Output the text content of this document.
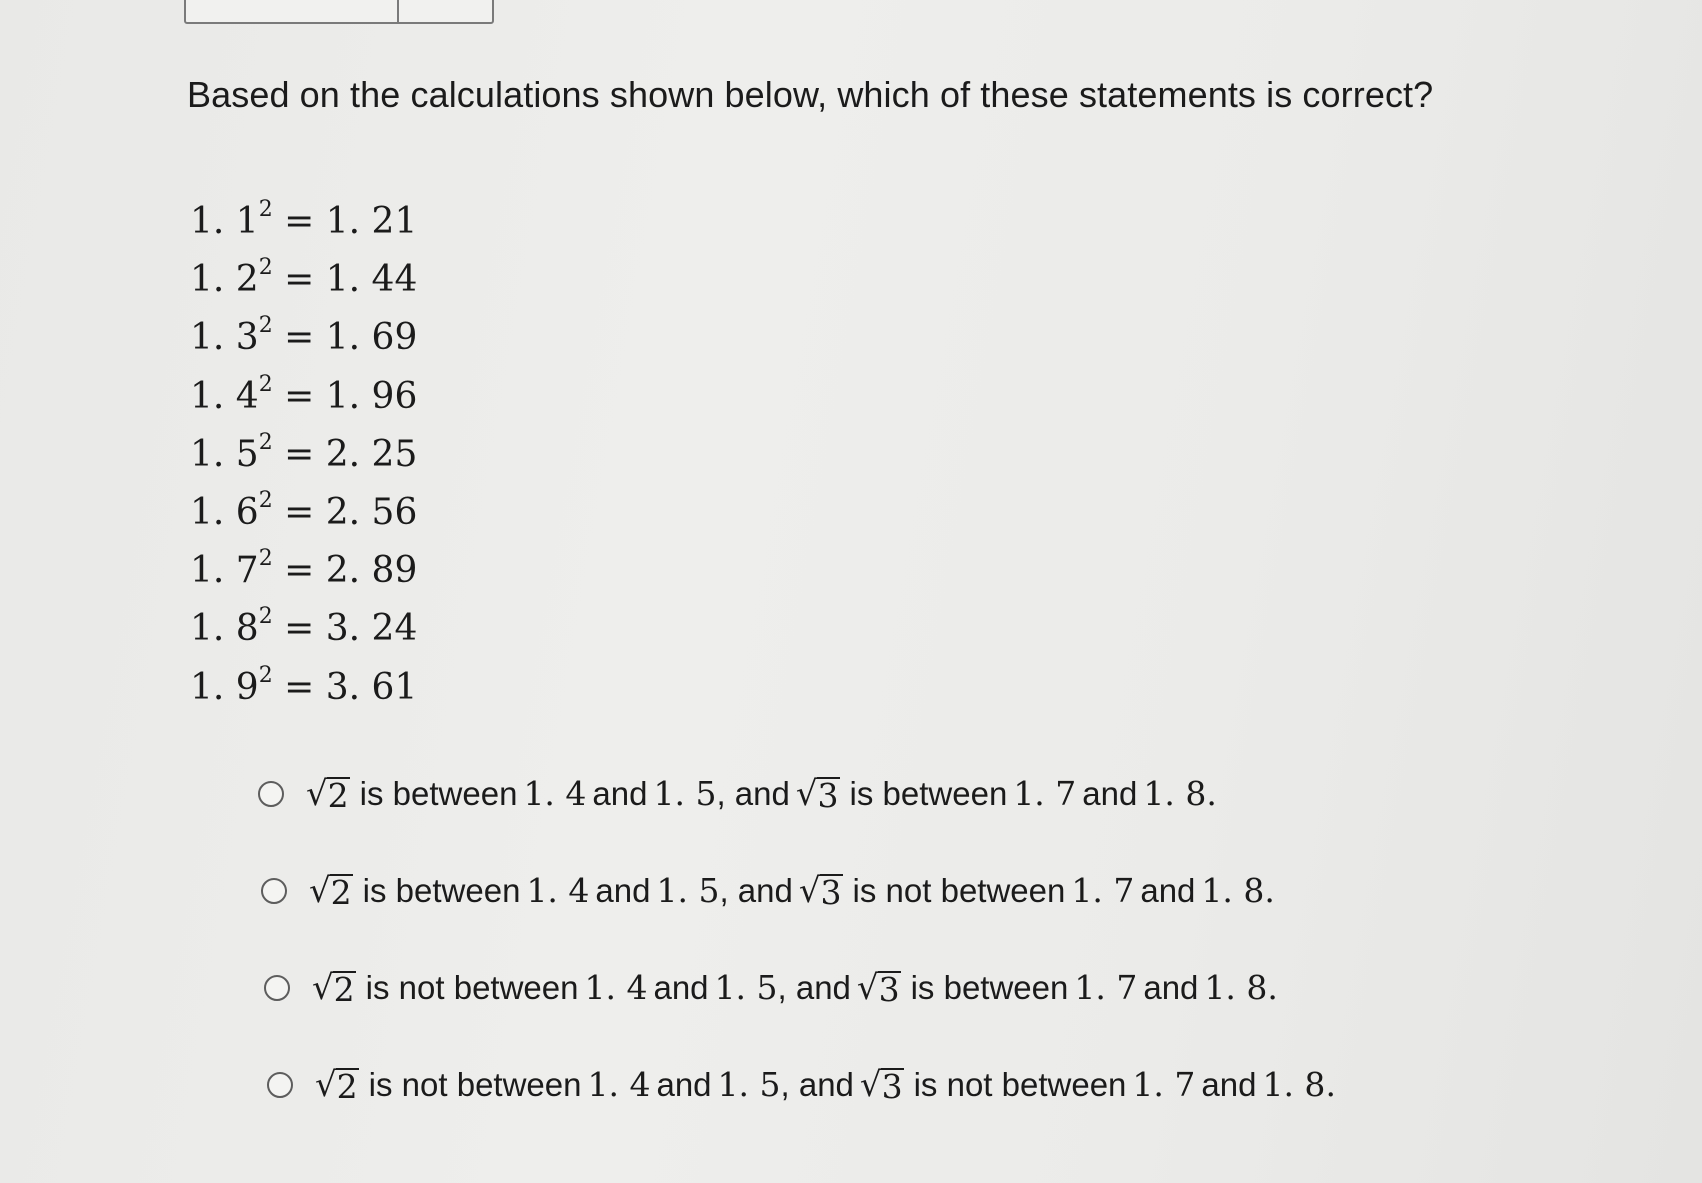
Based on the calculations shown below, which of these statements is correct?
1. $1^2 = 1$. 21
1. $2^2 = 1$. 44
1. $3^2 = 1$. 69
1. $4^2 = 1$. 96
1. $5^2 = 2$. 25
1. $6^2 = 2$. 56
1. $7^2 = 2$. 89
1. $8^2 = 3$. 24
1. $9^2 = 3$. 61
√ 2 is between 1. 4 and 1. 5 , and √ 3 is between 1. 7 and 1. 8 .
√ 2 is between 1. 4 and 1. 5 , and √ 3 is not between 1. 7 and 1. 8 .
√ 2 is not between 1. 4 and 1. 5 , and √ 3 is between 1. 7 and 1. 8 .
√ 2 is not between 1. 4 and 1. 5 , and √ 3 is not between 1. 7 and 1. 8 .
